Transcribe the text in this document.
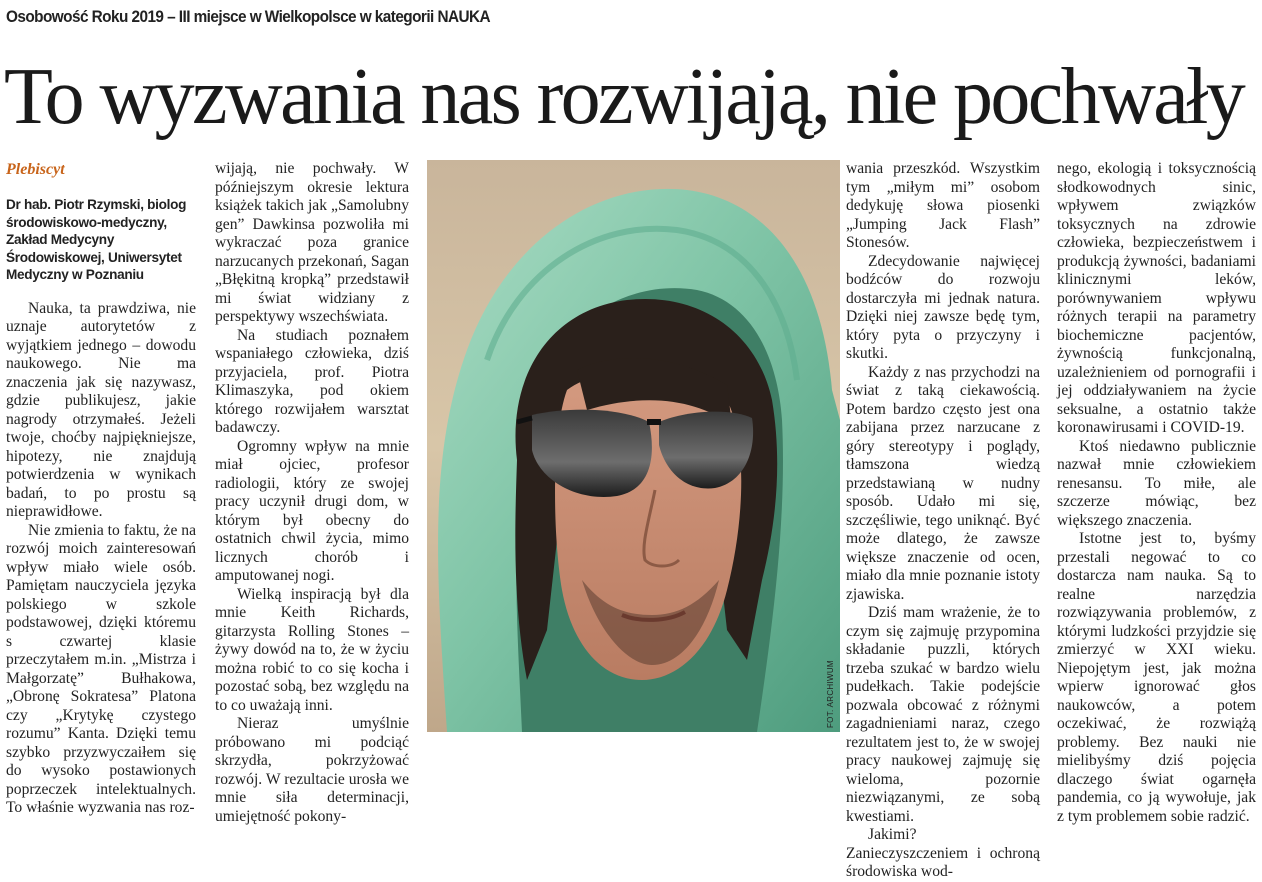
Osobowość Roku 2019 – III miejsce w Wielkopolsce w kategorii NAUKA
To wyzwania nas rozwijają, nie pochwały
Plebiscyt
Dr hab. Piotr Rzymski, biolog środowiskowo-medyczny, Zakład Medycyny Środowiskowej, Uniwersytet Medyczny w Poznaniu

Nauka, ta prawdziwa, nie uznaje autorytetów z wyjątkiem jednego – dowodu naukowego. Nie ma znaczenia jak się nazywasz, gdzie publikujesz, jakie nagrody otrzymałeś. Jeżeli twoje, choćby najpiękniejsze, hipotezy, nie znajdują potwierdzenia w wynikach badań, to po prostu są nieprawidłowe.

Nie zmienia to faktu, że na rozwój moich zainteresowań wpływ miało wiele osób. Pamiętam nauczyciela języka polskiego w szkole podstawowej, dzięki któremu s czwartej klasie przeczytałem m.in. „Mistrza i Małgorzatę” Bułhakowa, „Obronę Sokratesa” Platona czy „Krytykę czystego rozumu” Kanta. Dzięki temu szybko przyzwyczaiłem się do wysoko postawionych poprzeczek intelektualnych. To właśnie wyzwania nas roz-

wijają, nie pochwały. W późniejszym okresie lektura książek takich jak „Samolubny gen” Dawkinsa pozwoliła mi wykraczać poza granice narzucanych przekonań, Sagan „Błękitną kropką” przedstawił mi świat widziany z perspektywy wszechświata.

Na studiach poznałem wspaniałego człowieka, dziś przyjaciela, prof. Piotra Klimaszyka, pod okiem którego rozwijałem warsztat badawczy.

Ogromny wpływ na mnie miał ojciec, profesor radiologii, który ze swojej pracy uczynił drugi dom, w którym był obecny do ostatnich chwil życia, mimo licznych chorób i amputowanej nogi.

Wielką inspiracją był dla mnie Keith Richards, gitarzysta Rolling Stones – żywy dowód na to, że w życiu można robić to co się kocha i pozostać sobą, bez względu na to co uważają inni.

Nieraz umyślnie próbowano mi podciąć skrzydła, pokrzyżować rozwój. W rezultacie urosła we mnie siła determinacji, umiejętność pokony-

FOT. ARCHIWUM

wania przeszkód. Wszystkim tym „miłym mi” osobom dedykuję słowa piosenki „Jumping Jack Flash” Stonesów.

Zdecydowanie najwięcej bodźców do rozwoju dostarczyła mi jednak natura. Dzięki niej zawsze będę tym, który pyta o przyczyny i skutki.

Każdy z nas przychodzi na świat z taką ciekawością. Potem bardzo często jest ona zabijana przez narzucane z góry stereotypy i poglądy, tłamszona wiedzą przedstawianą w nudny sposób. Udało mi się, szczęśliwie, tego uniknąć. Być może dlatego, że zawsze większe znaczenie od ocen, miało dla mnie poznanie istoty zjawiska.

Dziś mam wrażenie, że to czym się zajmuję przypomina składanie puzzli, których trzeba szukać w bardzo wielu pudełkach. Takie podejście pozwala obcować z różnymi zagadnieniami naraz, czego rezultatem jest to, że w swojej pracy naukowej zajmuję się wieloma, pozornie niezwiązanymi, ze sobą kwestiami.

Jakimi? Zanieczyszczeniem i ochroną środowiska wod-

nego, ekologią i toksycznością słodkowodnych sinic, wpływem związków toksycznych na zdrowie człowieka, bezpieczeństwem i produkcją żywności, badaniami klinicznymi leków, porównywaniem wpływu różnych terapii na parametry biochemiczne pacjentów, żywnością funkcjonalną, uzależnieniem od pornografii i jej oddziaływaniem na życie seksualne, a ostatnio także koronawirusami i COVID-19.

Ktoś niedawno publicznie nazwał mnie człowiekiem renesansu. To miłe, ale szczerze mówiąc, bez większego znaczenia.

Istotne jest to, byśmy przestali negować to co dostarcza nam nauka. Są to realne narzędzia rozwiązywania problemów, z którymi ludzkości przyjdzie się zmierzyć w XXI wieku. Niepojętym jest, jak można wpierw ignorować głos naukowców, a potem oczekiwać, że rozwiążą problemy. Bez nauki nie mielibyśmy dziś pojęcia dlaczego świat ogarnęła pandemia, co ją wywołuje, jak z tym problemem sobie radzić.
